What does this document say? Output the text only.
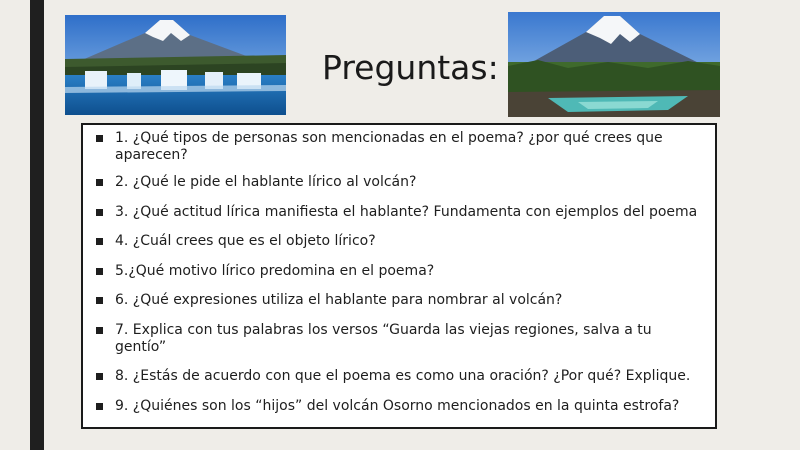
Preguntas:
1. ¿Qué tipos de personas son mencionadas en el poema? ¿por qué crees que aparecen?
2. ¿Qué le pide el hablante lírico al volcán?
3. ¿Qué actitud lírica manifiesta el hablante? Fundamenta con ejemplos del poema
4. ¿Cuál crees que es el objeto lírico?
5.¿Qué motivo lírico predomina en el poema?
6. ¿Qué expresiones utiliza el hablante para nombrar al volcán?
7. Explica con tus palabras los versos “Guarda las viejas regiones, salva a tu gentío”
8. ¿Estás de acuerdo con que el poema es como una oración? ¿Por qué? Explique.
9. ¿Quiénes son los “hijos” del volcán Osorno mencionados en la quinta estrofa?
